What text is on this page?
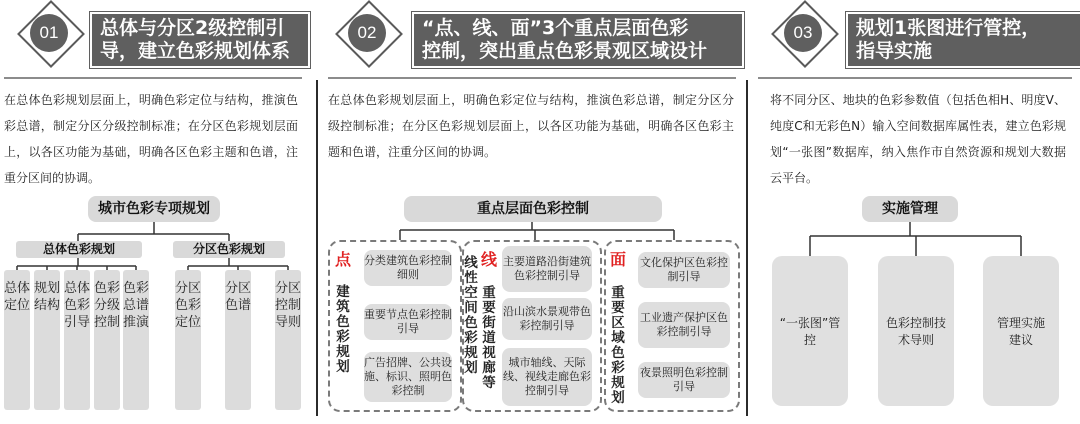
01	总体与分区2级控制引
导，建立色彩规划体系
在总体色彩规划层面上，明确色彩定位与结构，推演色彩总谱，制定分区分级控制标准；在分区色彩规划层面上，以各区功能为基础，明确各区色彩主题和色谱，注重分区间的协调。
城市色彩专项规划
总体色彩规划	分区色彩规划
总体定位
规划结构
总体色彩引导
色彩分级控制
色彩总谱推演
分区色彩定位
分区色谱
分区控制导则
02	“点、线、面”3个重点层面色彩
控制，突出重点色彩景观区域设计
在总体色彩规划层面上，明确色彩定位与结构，推演色彩总谱，制定分区分级控制标准；在分区色彩规划层面上，以各区功能为基础，明确各区色彩主题和色谱，注重分区间的协调。
重点层面色彩控制
点
建筑色彩规划
分类建筑色彩控制细则
重要节点色彩控制引导
广告招牌、公共设施、标识、照明色彩控制
线性空间色彩规划
线
重要街道视廊等
主要道路沿街建筑色彩控制引导
沿山滨水景观带色彩控制引导
城市轴线、天际线、视线走廊色彩控制引导
面
重要区域色彩规划
文化保护区色彩控制引导
工业遗产保护区色彩控制引导
夜景照明色彩控制引导
03	规划1张图进行管控，
指导实施
将不同分区、地块的色彩参数值（包括色相H、明度V、纯度C和无彩色N）输入空间数据库属性表，建立色彩规划“一张图”数据库，纳入焦作市自然资源和规划大数据云平台。
实施管理
“一张图”管控
色彩控制技术导则
管理实施建议
